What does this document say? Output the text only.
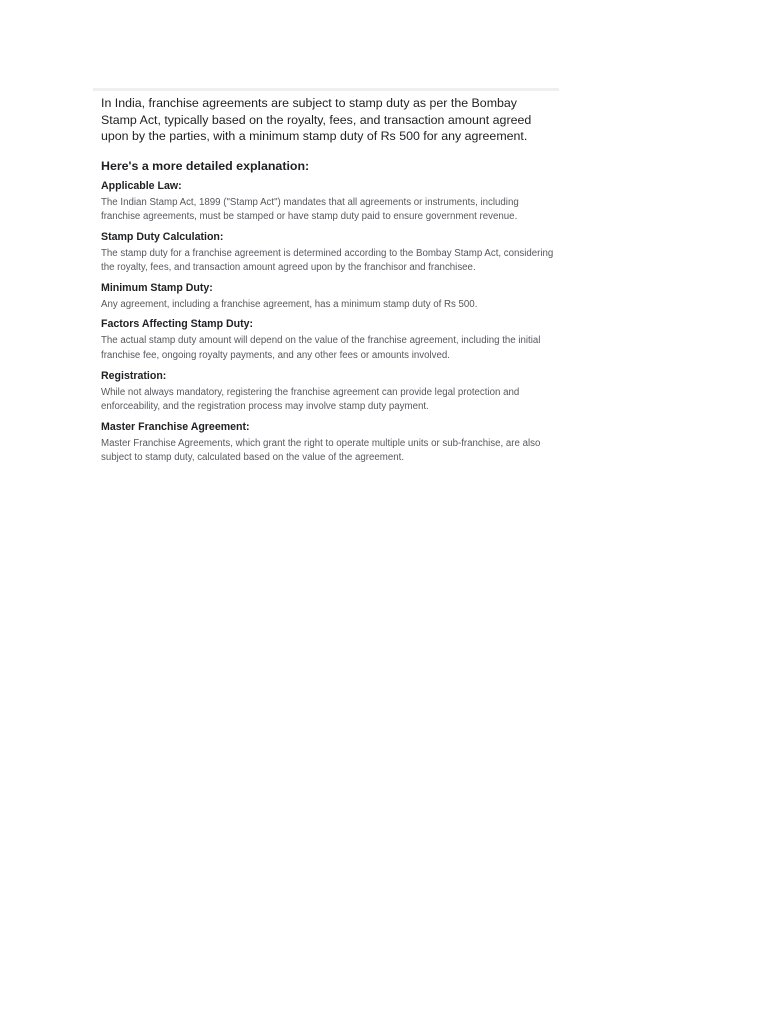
In India, franchise agreements are subject to stamp duty as per the Bombay Stamp Act, typically based on the royalty, fees, and transaction amount agreed upon by the parties, with a minimum stamp duty of Rs 500 for any agreement.

Here's a more detailed explanation:

Applicable Law:

The Indian Stamp Act, 1899 ("Stamp Act") mandates that all agreements or instruments, including franchise agreements, must be stamped or have stamp duty paid to ensure government revenue.

Stamp Duty Calculation:

The stamp duty for a franchise agreement is determined according to the Bombay Stamp Act, considering the royalty, fees, and transaction amount agreed upon by the franchisor and franchisee.

Minimum Stamp Duty:

Any agreement, including a franchise agreement, has a minimum stamp duty of Rs 500.

Factors Affecting Stamp Duty:

The actual stamp duty amount will depend on the value of the franchise agreement, including the initial franchise fee, ongoing royalty payments, and any other fees or amounts involved.

Registration:

While not always mandatory, registering the franchise agreement can provide legal protection and enforceability, and the registration process may involve stamp duty payment.

Master Franchise Agreement:

Master Franchise Agreements, which grant the right to operate multiple units or sub-franchise, are also subject to stamp duty, calculated based on the value of the agreement.
